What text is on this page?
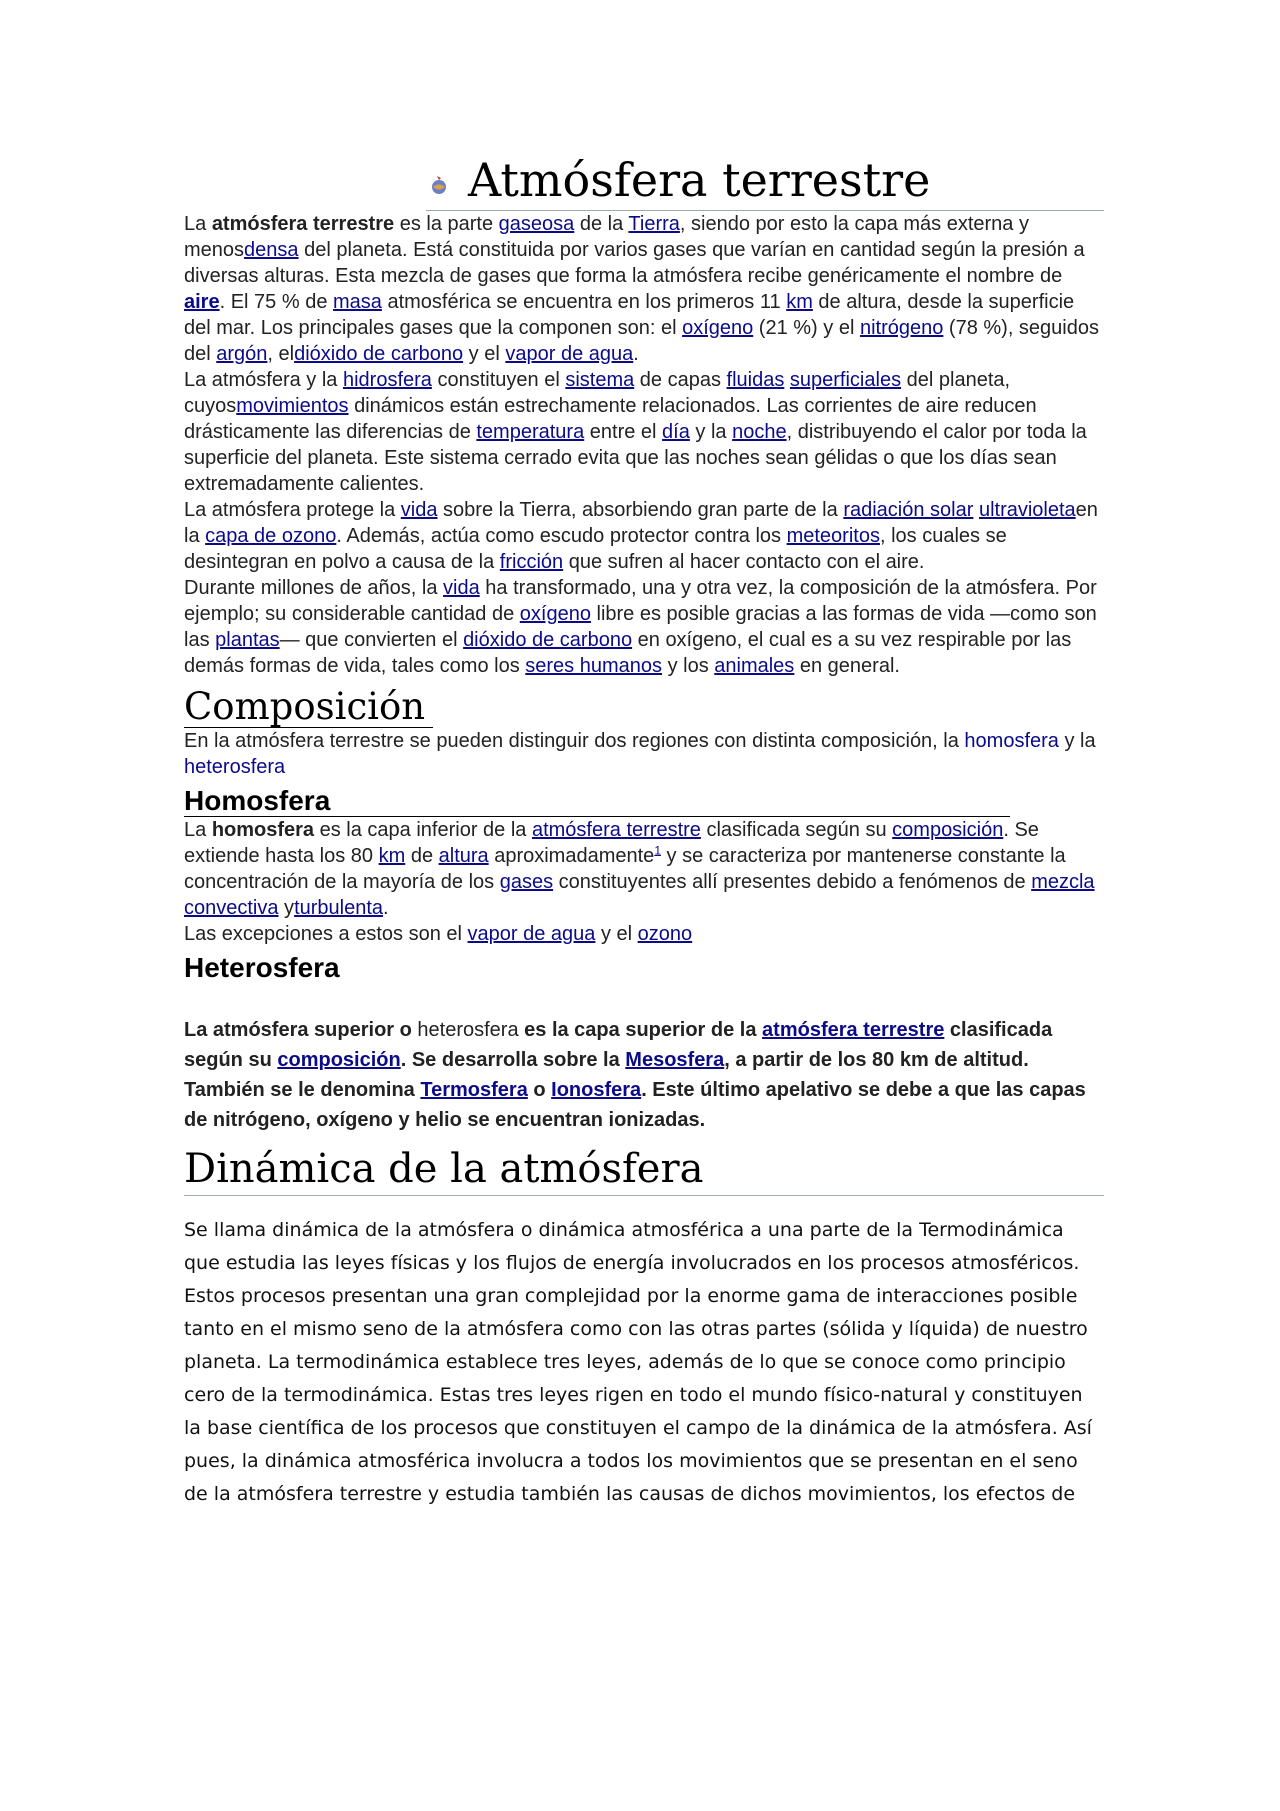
Atmósfera terrestre

La atmósfera terrestre es la parte gaseosa de la Tierra, siendo por esto la capa más externa y menosdensa del planeta. Está constituida por varios gases que varían en cantidad según la presión a diversas alturas. Esta mezcla de gases que forma la atmósfera recibe genéricamente el nombre de aire. El 75 % de masa atmosférica se encuentra en los primeros 11 km de altura, desde la superficie del mar. Los principales gases que la componen son: el oxígeno (21 %) y el nitrógeno (78 %), seguidos del argón, eldióxido de carbono y el vapor de agua.

La atmósfera y la hidrosfera constituyen el sistema de capas fluidas superficiales del planeta, cuyosmovimientos dinámicos están estrechamente relacionados. Las corrientes de aire reducen drásticamente las diferencias de temperatura entre el día y la noche, distribuyendo el calor por toda la superficie del planeta. Este sistema cerrado evita que las noches sean gélidas o que los días sean extremadamente calientes.

La atmósfera protege la vida sobre la Tierra, absorbiendo gran parte de la radiación solar ultravioletaen la capa de ozono. Además, actúa como escudo protector contra los meteoritos, los cuales se desintegran en polvo a causa de la fricción que sufren al hacer contacto con el aire.

Durante millones de años, la vida ha transformado, una y otra vez, la composición de la atmósfera. Por ejemplo; su considerable cantidad de oxígeno libre es posible gracias a las formas de vida —como son las plantas— que convierten el dióxido de carbono en oxígeno, el cual es a su vez respirable por las demás formas de vida, tales como los seres humanos y los animales en general.

Composición

En la atmósfera terrestre se pueden distinguir dos regiones con distinta composición, la homosfera y la heterosfera

Homosfera

La homosfera es la capa inferior de la atmósfera terrestre clasificada según su composición. Se extiende hasta los 80 km de altura aproximadamente$^1$ y se caracteriza por mantenerse constante la concentración de la mayoría de los gases constituyentes allí presentes debido a fenómenos de mezcla convectiva yturbulenta.

Las excepciones a estos son el vapor de agua y el ozono

Heterosfera

La atmósfera superior o heterosfera es la capa superior de la atmósfera terrestre clasificada según su composición. Se desarrolla sobre la Mesosfera, a partir de los 80 km de altitud. También se le denomina Termosfera o Ionosfera. Este último apelativo se debe a que las capas de nitrógeno, oxígeno y helio se encuentran ionizadas.

Dinámica de la atmósfera

Se llama dinámica de la atmósfera o dinámica atmosférica a una parte de la Termodinámica que estudia las leyes físicas y los flujos de energía involucrados en los procesos atmosféricos. Estos procesos presentan una gran complejidad por la enorme gama de interacciones posible tanto en el mismo seno de la atmósfera como con las otras partes (sólida y líquida) de nuestro planeta. La termodinámica establece tres leyes, además de lo que se conoce como principio cero de la termodinámica. Estas tres leyes rigen en todo el mundo físico-natural y constituyen la base científica de los procesos que constituyen el campo de la dinámica de la atmósfera. Así pues, la dinámica atmosférica involucra a todos los movimientos que se presentan en el seno de la atmósfera terrestre y estudia también las causas de dichos movimientos, los efectos de
